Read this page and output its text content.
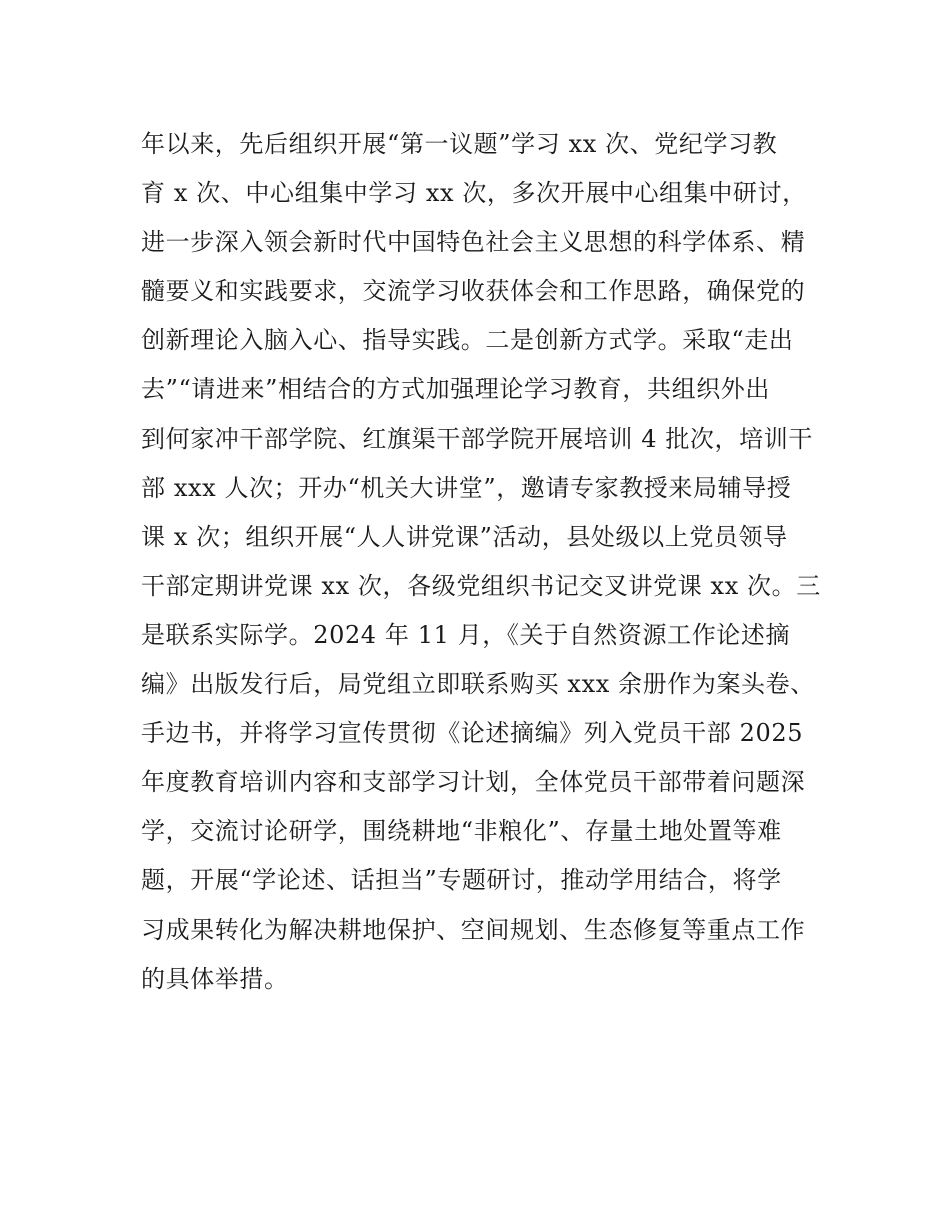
年以来，先后组织开展“第一议题”学习 xx 次、党纪学习教
育 x 次、中心组集中学习 xx 次，多次开展中心组集中研讨，
进一步深入领会新时代中国特色社会主义思想的科学体系、精
髓要义和实践要求，交流学习收获体会和工作思路，确保党的
创新理论入脑入心、指导实践。二是创新方式学。采取“走出
去”“请进来”相结合的方式加强理论学习教育，共组织外出
到何家冲干部学院、红旗渠干部学院开展培训 4 批次，培训干
部 xxx 人次；开办“机关大讲堂”，邀请专家教授来局辅导授
课 x 次；组织开展“人人讲党课”活动，县处级以上党员领导
干部定期讲党课 xx 次，各级党组织书记交叉讲党课 xx 次。三
是联系实际学。2024 年 11 月，《关于自然资源工作论述摘
编》出版发行后，局党组立即联系购买 xxx 余册作为案头卷、
手边书，并将学习宣传贯彻《论述摘编》列入党员干部 2025
年度教育培训内容和支部学习计划，全体党员干部带着问题深
学，交流讨论研学，围绕耕地“非粮化”、存量土地处置等难
题，开展“学论述、话担当”专题研讨，推动学用结合，将学
习成果转化为解决耕地保护、空间规划、生态修复等重点工作
的具体举措。
